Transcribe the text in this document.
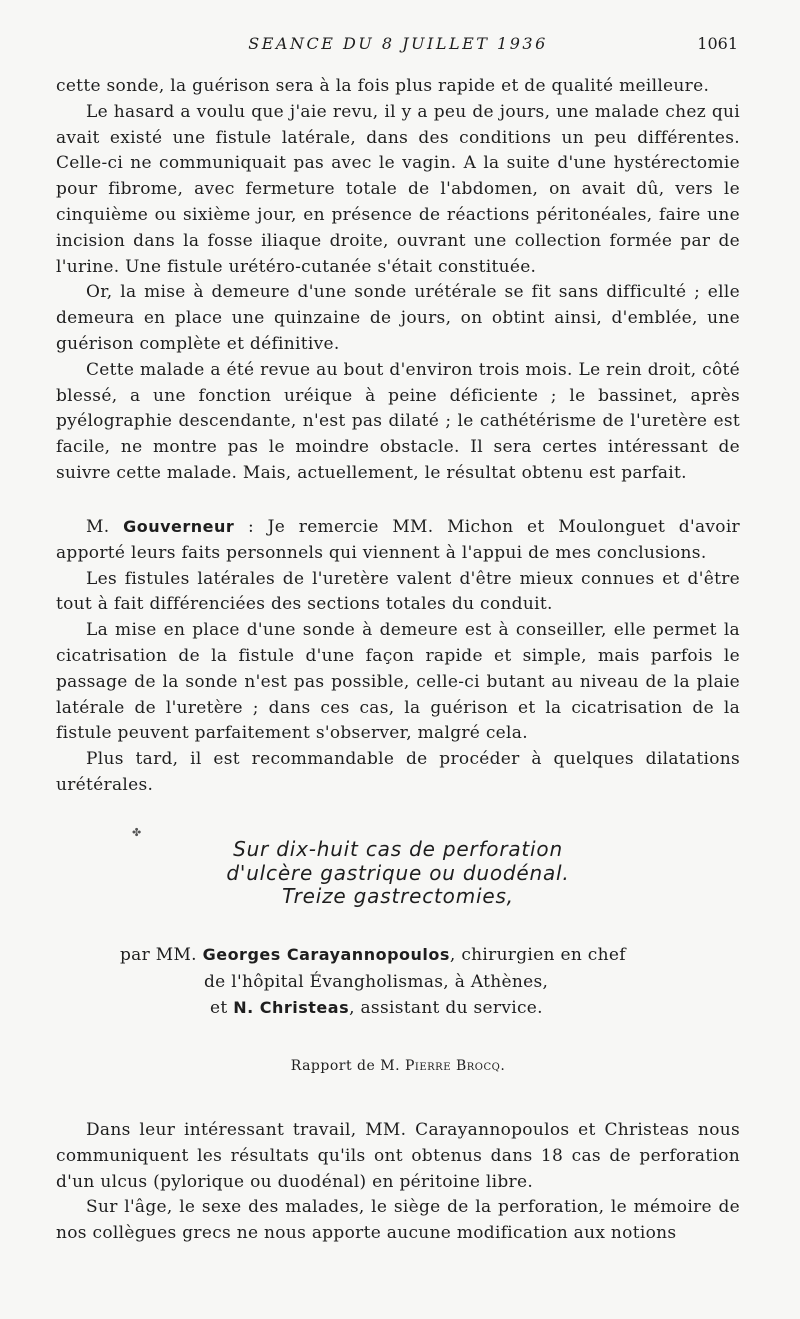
SEANCE DU 8 JUILLET 1936	1061

cette sonde, la guérison sera à la fois plus rapide et de qualité meilleure.

Le hasard a voulu que j'aie revu, il y a peu de jours, une malade chez qui avait existé une fistule latérale, dans des conditions un peu différentes. Celle-ci ne communiquait pas avec le vagin. A la suite d'une hystérectomie pour fibrome, avec fermeture totale de l'abdomen, on avait dû, vers le cinquième ou sixième jour, en présence de réactions péritonéales, faire une incision dans la fosse iliaque droite, ouvrant une collection formée par de l'urine. Une fistule urétéro-cutanée s'était constituée.

Or, la mise à demeure d'une sonde urétérale se fit sans difficulté ; elle demeura en place une quinzaine de jours, on obtint ainsi, d'emblée, une guérison complète et définitive.

Cette malade a été revue au bout d'environ trois mois. Le rein droit, côté blessé, a une fonction uréique à peine déficiente ; le bassinet, après pyélographie descendante, n'est pas dilaté ; le cathétérisme de l'uretère est facile, ne montre pas le moindre obstacle. Il sera certes intéressant de suivre cette malade. Mais, actuellement, le résultat obtenu est parfait.

M. Gouverneur : Je remercie MM. Michon et Moulonguet d'avoir apporté leurs faits personnels qui viennent à l'appui de mes conclusions.

Les fistules latérales de l'uretère valent d'être mieux connues et d'être tout à fait différenciées des sections totales du conduit.

La mise en place d'une sonde à demeure est à conseiller, elle permet la cicatrisation de la fistule d'une façon rapide et simple, mais parfois le passage de la sonde n'est pas possible, celle-ci butant au niveau de la plaie latérale de l'uretère ; dans ces cas, la guérison et la cicatrisation de la fistule peuvent parfaitement s'observer, malgré cela.

Plus tard, il est recommandable de procéder à quelques dilatations urétérales.

✤
Sur dix-huit cas de perforation
d'ulcère gastrique ou duodénal.
Treize gastrectomies,
par MM. Georges Carayannopoulos, chirurgien en chef
de l'hôpital Évangholismas, à Athènes,
et N. Christeas, assistant du service.
Rapport de M. Pierre Brocq.

Dans leur intéressant travail, MM. Carayannopoulos et Christeas nous communiquent les résultats qu'ils ont obtenus dans 18 cas de perforation d'un ulcus (pylorique ou duodénal) en péritoine libre.

Sur l'âge, le sexe des malades, le siège de la perforation, le mémoire de nos collègues grecs ne nous apporte aucune modification aux notions
